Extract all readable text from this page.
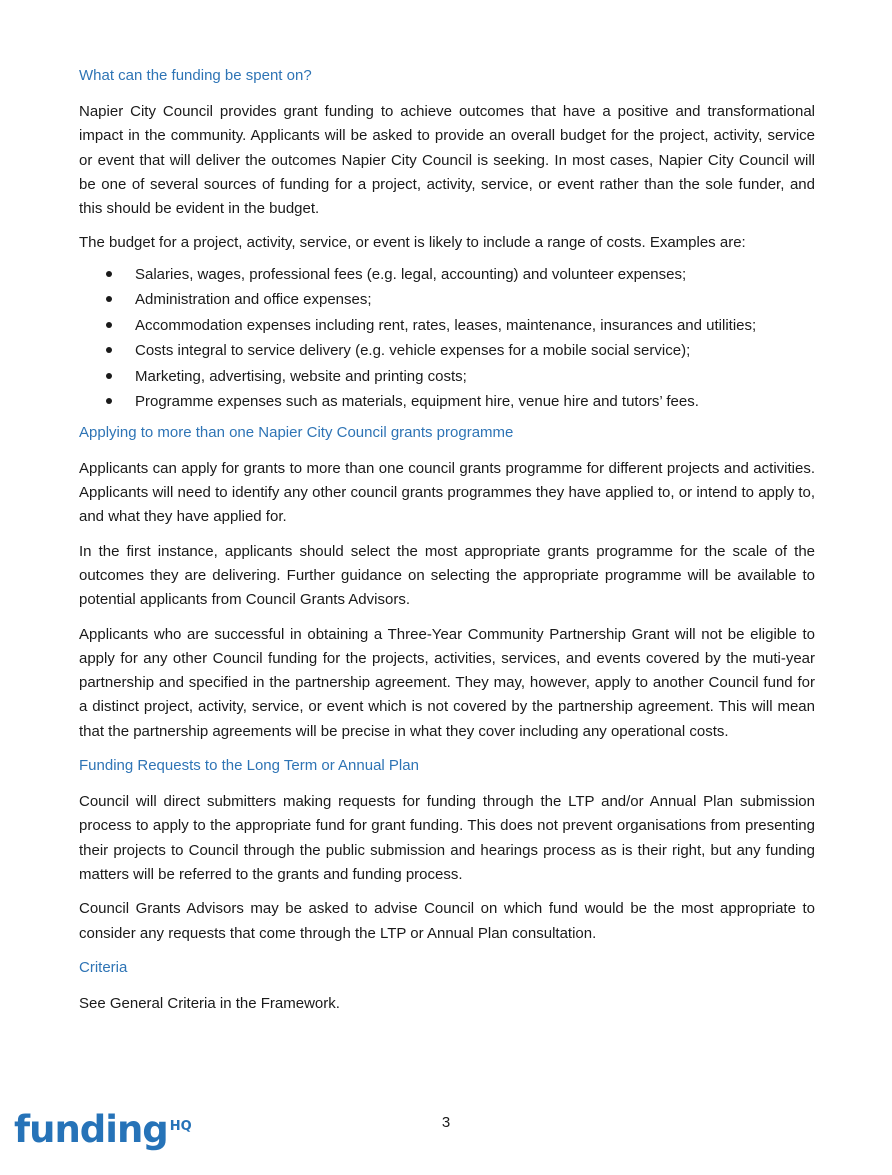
What can the funding be spent on?

Napier City Council provides grant funding to achieve outcomes that have a positive and transformational impact in the community. Applicants will be asked to provide an overall budget for the project, activity, service or event that will deliver the outcomes Napier City Council is seeking. In most cases, Napier City Council will be one of several sources of funding for a project, activity, service, or event rather than the sole funder, and this should be evident in the budget.

The budget for a project, activity, service, or event is likely to include a range of costs. Examples are:

Salaries, wages, professional fees (e.g. legal, accounting) and volunteer expenses;
Administration and office expenses;
Accommodation expenses including rent, rates, leases, maintenance, insurances and utilities;
Costs integral to service delivery (e.g. vehicle expenses for a mobile social service);
Marketing, advertising, website and printing costs;
Programme expenses such as materials, equipment hire, venue hire and tutors’ fees.
Applying to more than one Napier City Council grants programme

Applicants can apply for grants to more than one council grants programme for different projects and activities. Applicants will need to identify any other council grants programmes they have applied to, or intend to apply to, and what they have applied for.

In the first instance, applicants should select the most appropriate grants programme for the scale of the outcomes they are delivering. Further guidance on selecting the appropriate programme will be available to potential applicants from Council Grants Advisors.

Applicants who are successful in obtaining a Three-Year Community Partnership Grant will not be eligible to apply for any other Council funding for the projects, activities, services, and events covered by the muti-year partnership and specified in the partnership agreement. They may, however, apply to another Council fund for a distinct project, activity, service, or event which is not covered by the partnership agreement. This will mean that the partnership agreements will be precise in what they cover including any operational costs.

Funding Requests to the Long Term or Annual Plan

Council will direct submitters making requests for funding through the LTP and/or Annual Plan submission process to apply to the appropriate fund for grant funding. This does not prevent organisations from presenting their projects to Council through the public submission and hearings process as is their right, but any funding matters will be referred to the grants and funding process.

Council Grants Advisors may be asked to advise Council on which fund would be the most appropriate to consider any requests that come through the LTP or Annual Plan consultation.

Criteria

See General Criteria in the Framework.

funding $^{HQ}$	3
